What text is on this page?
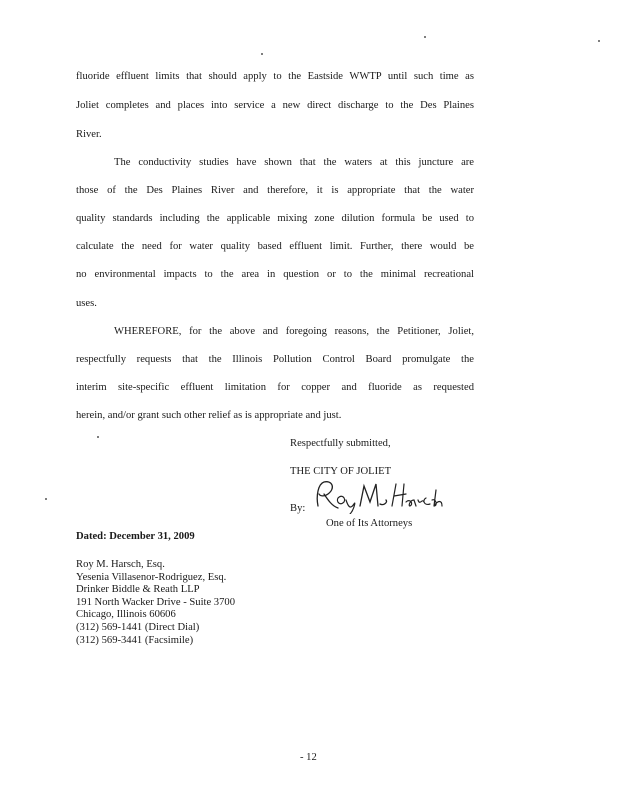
fluoride effluent limits that should apply to the Eastside WWTP until such time as
Joliet completes and places into service a new direct discharge to the Des Plaines
River.
The conductivity studies have shown that the waters at this juncture are
those of the Des Plaines River and therefore, it is appropriate that the water
quality standards including the applicable mixing zone dilution formula be used to
calculate the need for water quality based effluent limit. Further, there would be
no environmental impacts to the area in question or to the minimal recreational
uses.
WHEREFORE, for the above and foregoing reasons, the Petitioner, Joliet,
respectfully requests that the Illinois Pollution Control Board promulgate the
interim site-specific effluent limitation for copper and fluoride as requested
herein, and/or grant such other relief as is appropriate and just.
Respectfully submitted,
THE CITY OF JOLIET
By:
One of Its Attorneys
Dated: December 31, 2009
Roy M. Harsch, Esq.
Yesenia Villasenor-Rodriguez, Esq.
Drinker Biddle & Reath LLP
191 North Wacker Drive - Suite 3700
Chicago, Illinois 60606
(312) 569-1441 (Direct Dial)
(312) 569-3441 (Facsimile)
- 12
